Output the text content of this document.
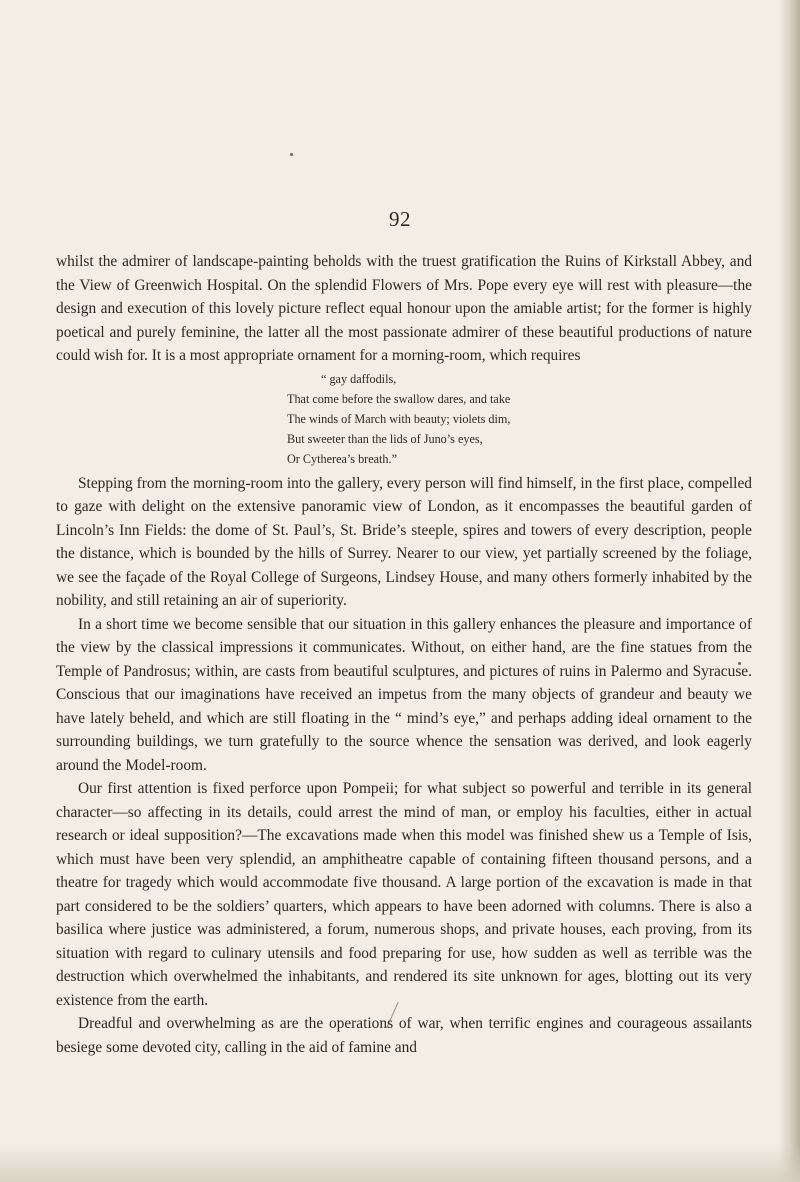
92

whilst the admirer of landscape-painting beholds with the truest gratification the Ruins of Kirkstall Abbey, and the View of Greenwich Hospital. On the splendid Flowers of Mrs. Pope every eye will rest with pleasure—the design and execution of this lovely picture reflect equal honour upon the amiable artist; for the former is highly poetical and purely feminine, the latter all the most passionate admirer of these beautiful productions of nature could wish for. It is a most appropriate ornament for a morning-room, which requires

“ gay daffodils,
That come before the swallow dares, and take
The winds of March with beauty; violets dim,
But sweeter than the lids of Juno’s eyes,
Or Cytherea’s breath.”

Stepping from the morning-room into the gallery, every person will find himself, in the first place, compelled to gaze with delight on the extensive panoramic view of London, as it encompasses the beautiful garden of Lincoln’s Inn Fields: the dome of St. Paul’s, St. Bride’s steeple, spires and towers of every description, people the distance, which is bounded by the hills of Surrey. Nearer to our view, yet partially screened by the foliage, we see the façade of the Royal College of Surgeons, Lindsey House, and many others formerly inhabited by the nobility, and still retaining an air of superiority.

In a short time we become sensible that our situation in this gallery enhances the pleasure and importance of the view by the classical impressions it communicates. Without, on either hand, are the fine statues from the Temple of Pandrosus; within, are casts from beautiful sculptures, and pictures of ruins in Palermo and Syracuse. Conscious that our imaginations have received an impetus from the many objects of grandeur and beauty we have lately beheld, and which are still floating in the “ mind’s eye,” and perhaps adding ideal ornament to the surrounding buildings, we turn gratefully to the source whence the sensation was derived, and look eagerly around the Model-room.

Our first attention is fixed perforce upon Pompeii; for what subject so powerful and terrible in its general character—so affecting in its details, could arrest the mind of man, or employ his faculties, either in actual research or ideal supposition?—The excavations made when this model was finished shew us a Temple of Isis, which must have been very splendid, an amphitheatre capable of containing fifteen thousand persons, and a theatre for tragedy which would accommodate five thousand. A large portion of the excavation is made in that part considered to be the soldiers’ quarters, which appears to have been adorned with columns. There is also a basilica where justice was administered, a forum, numerous shops, and private houses, each proving, from its situation with regard to culinary utensils and food preparing for use, how sudden as well as terrible was the destruction which overwhelmed the inhabitants, and rendered its site unknown for ages, blotting out its very existence from the earth.

Dreadful and overwhelming as are the operations of war, when terrific engines and courageous assailants besiege some devoted city, calling in the aid of famine and
